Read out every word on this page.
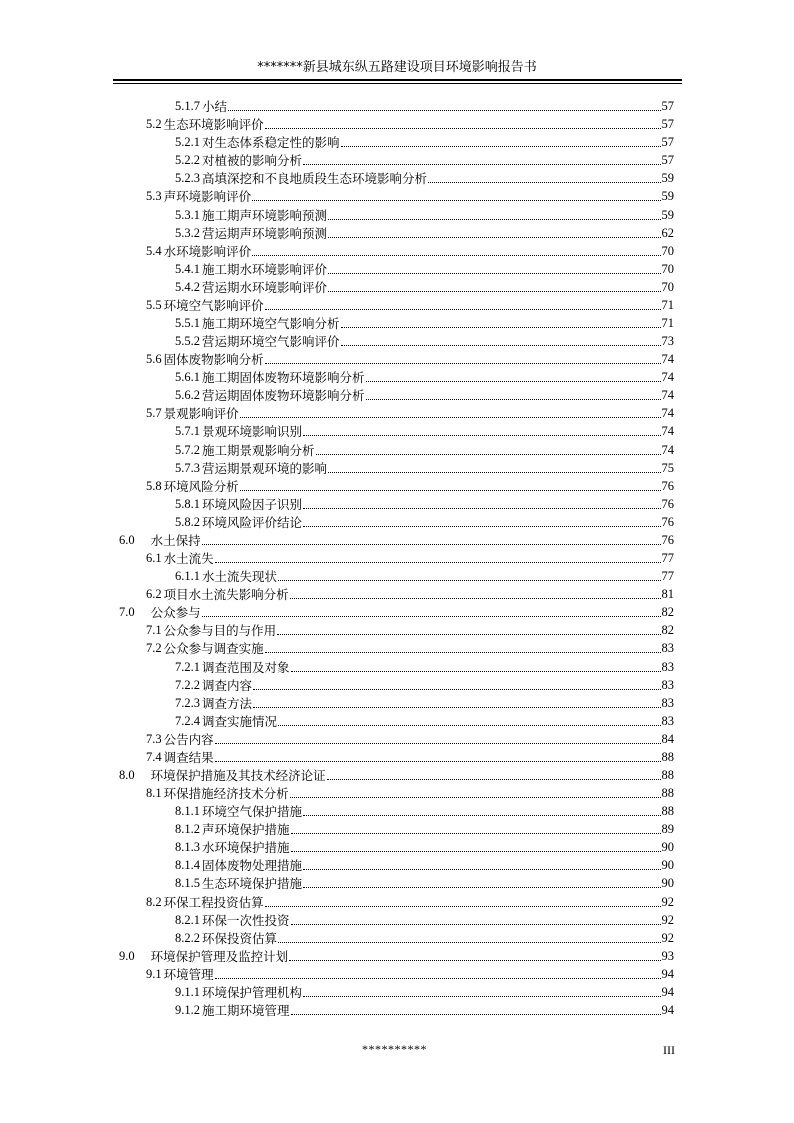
*******新县城东纵五路建设项目环境影响报告书
5.1.7 小结	57
5.2 生态环境影响评价	57
5.2.1 对生态体系稳定性的影响	57
5.2.2 对植被的影响分析	57
5.2.3 高填深挖和不良地质段生态环境影响分析	59
5.3 声环境影响评价	59
5.3.1 施工期声环境影响预测	59
5.3.2 营运期声环境影响预测	62
5.4 水环境影响评价	70
5.4.1 施工期水环境影响评价	70
5.4.2 营运期水环境影响评价	70
5.5 环境空气影响评价	71
5.5.1 施工期环境空气影响分析	71
5.5.2 营运期环境空气影响评价	73
5.6 固体废物影响分析	74
5.6.1 施工期固体废物环境影响分析	74
5.6.2 营运期固体废物环境影响分析	74
5.7 景观影响评价	74
5.7.1 景观环境影响识别	74
5.7.2 施工期景观影响分析	74
5.7.3 营运期景观环境的影响	75
5.8 环境风险分析	76
5.8.1 环境风险因子识别	76
5.8.2 环境风险评价结论	76
6.0 水土保持	76
6.1 水土流失	77
6.1.1 水土流失现状	77
6.2 项目水土流失影响分析	81
7.0 公众参与	82
7.1 公众参与目的与作用	82
7.2 公众参与调查实施	83
7.2.1 调查范围及对象	83
7.2.2 调查内容	83
7.2.3 调查方法	83
7.2.4 调查实施情况	83
7.3 公告内容	84
7.4 调查结果	88
8.0 环境保护措施及其技术经济论证	88
8.1 环保措施经济技术分析	88
8.1.1 环境空气保护措施	88
8.1.2 声环境保护措施	89
8.1.3 水环境保护措施	90
8.1.4 固体废物处理措施	90
8.1.5 生态环境保护措施	90
8.2 环保工程投资估算	92
8.2.1 环保一次性投资	92
8.2.2 环保投资估算	92
9.0 环境保护管理及监控计划	93
9.1 环境管理	94
9.1.1 环境保护管理机构	94
9.1.2 施工期环境管理	94
**********	III
